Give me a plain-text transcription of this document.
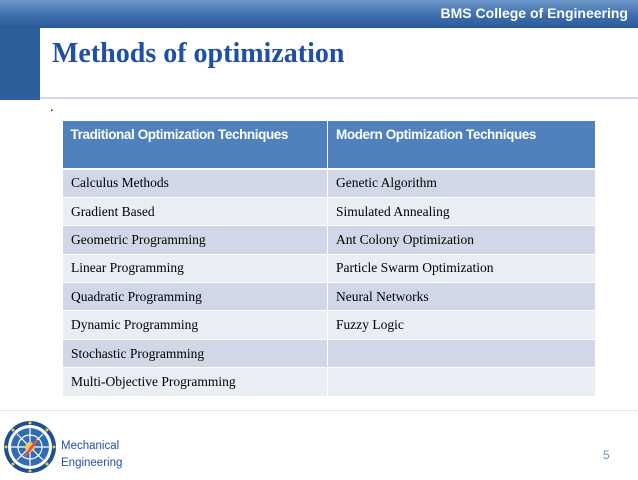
BMS College of Engineering
Methods of optimization
.
Traditional Optimization Techniques	Modern Optimization Techniques
Calculus Methods	Genetic Algorithm
Gradient Based	Simulated Annealing
Geometric Programming	Ant Colony Optimization
Linear Programming	Particle Swarm Optimization
Quadratic Programming	Neural Networks
Dynamic Programming	Fuzzy Logic
Stochastic Programming	
Multi-Objective Programming	
Mechanical
Engineering
5
